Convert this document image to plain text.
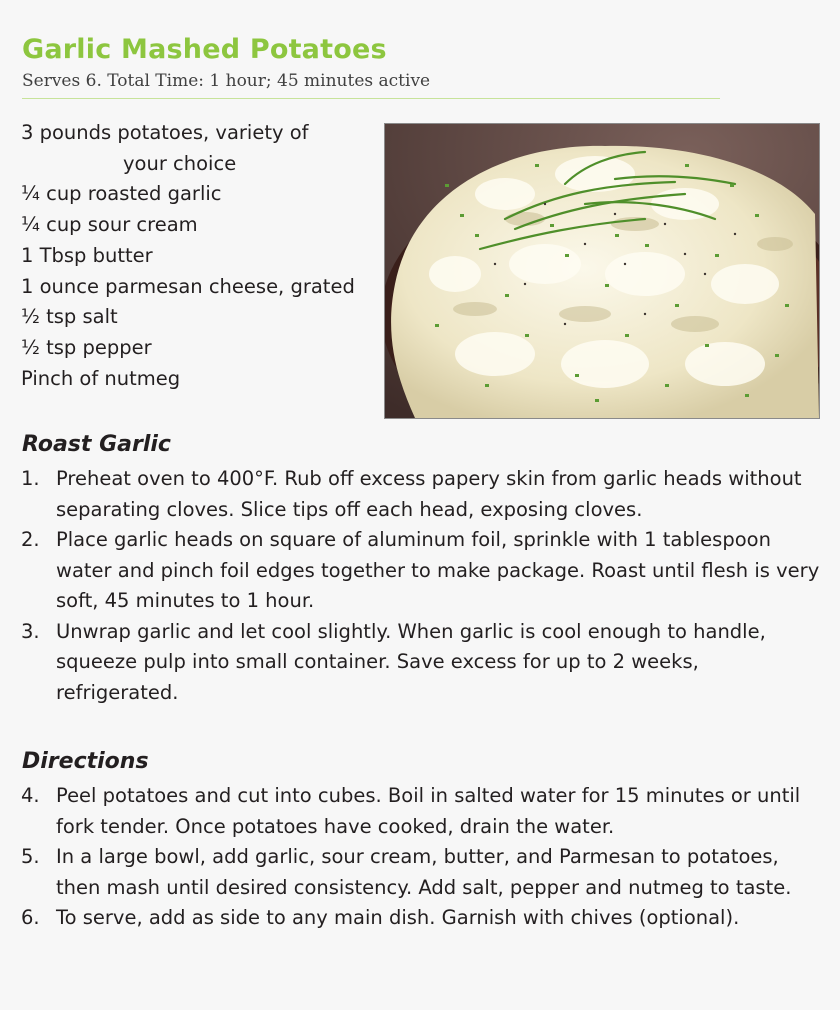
Garlic Mashed Potatoes
Serves 6. Total Time: 1 hour; 45 minutes active
3 pounds potatoes, variety of
your choice
¼ cup roasted garlic
¼ cup sour cream
1 Tbsp butter
1 ounce parmesan cheese, grated
½ tsp salt
½ tsp pepper
Pinch of nutmeg
Roast Garlic
1. Preheat oven to 400°F. Rub off excess papery skin from garlic heads without separating cloves. Slice tips off each head, exposing cloves.
2. Place garlic heads on square of aluminum foil, sprinkle with 1 tablespoon water and pinch foil edges together to make package. Roast until flesh is very soft, 45 minutes to 1 hour.
3. Unwrap garlic and let cool slightly. When garlic is cool enough to handle, squeeze pulp into small container. Save excess for up to 2 weeks, refrigerated.
Directions
4. Peel potatoes and cut into cubes. Boil in salted water for 15 minutes or until fork tender. Once potatoes have cooked, drain the water.
5. In a large bowl, add garlic, sour cream, butter, and Parmesan to potatoes, then mash until desired consistency. Add salt, pepper and nutmeg to taste.
6. To serve, add as side to any main dish. Garnish with chives (optional).
